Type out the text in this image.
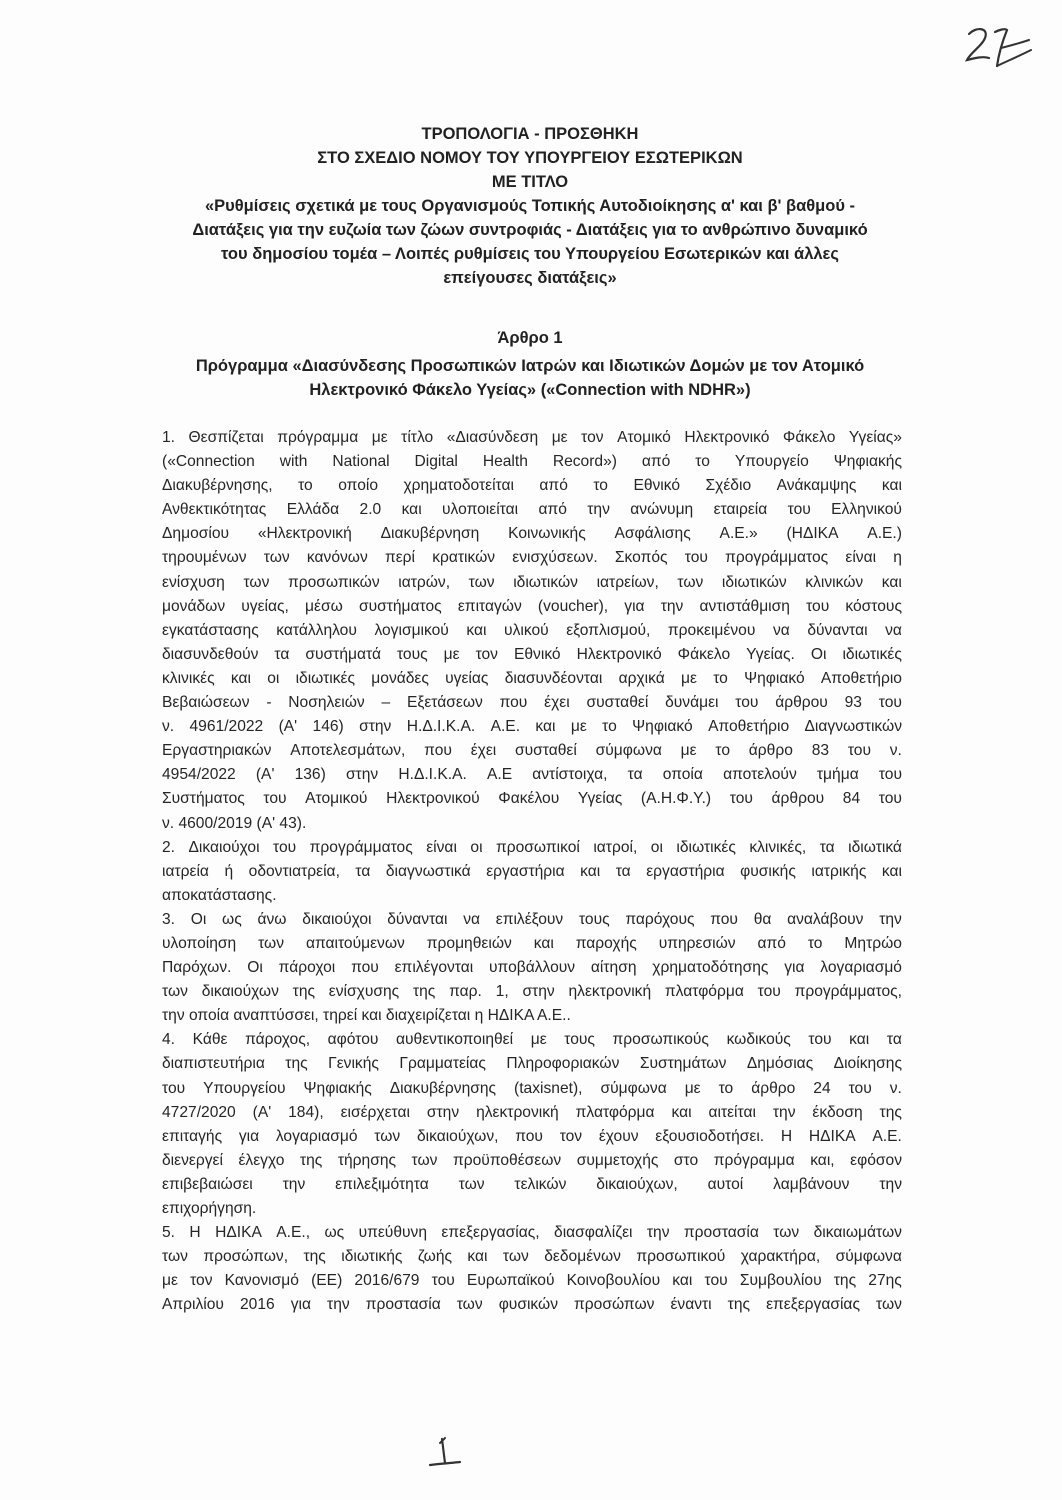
ΤΡΟΠΟΛΟΓΙΑ - ΠΡΟΣΘΗΚΗ
ΣΤΟ ΣΧΕΔΙΟ ΝΟΜΟΥ ΤΟΥ ΥΠΟΥΡΓΕΙΟΥ ΕΣΩΤΕΡΙΚΩΝ
ΜΕ ΤΙΤΛΟ
«Ρυθμίσεις σχετικά με τους Οργανισμούς Τοπικής Αυτοδιοίκησης α' και β' βαθμού -
Διατάξεις για την ευζωία των ζώων συντροφιάς - Διατάξεις για το ανθρώπινο δυναμικό
του δημοσίου τομέα – Λοιπές ρυθμίσεις του Υπουργείου Εσωτερικών και άλλες
επείγουσες διατάξεις»
Άρθρο 1
Πρόγραμμα «Διασύνδεσης Προσωπικών Ιατρών και Ιδιωτικών Δομών με τον Ατομικό
Ηλεκτρονικό Φάκελο Υγείας» («Connection with NDHR»)
1. Θεσπίζεται πρόγραμμα με τίτλο «Διασύνδεση με τον Ατομικό Ηλεκτρονικό Φάκελο Υγείας»
(«Connection with National Digital Health Record») από το Υπουργείο Ψηφιακής
Διακυβέρνησης, το οποίο χρηματοδοτείται από το Εθνικό Σχέδιο Ανάκαμψης και
Ανθεκτικότητας Ελλάδα 2.0 και υλοποιείται από την ανώνυμη εταιρεία του Ελληνικού
Δημοσίου «Ηλεκτρονική Διακυβέρνηση Κοινωνικής Ασφάλισης Α.Ε.» (ΗΔΙΚΑ Α.Ε.)
τηρουμένων των κανόνων περί κρατικών ενισχύσεων. Σκοπός του προγράμματος είναι η
ενίσχυση των προσωπικών ιατρών, των ιδιωτικών ιατρείων, των ιδιωτικών κλινικών και
μονάδων υγείας, μέσω συστήματος επιταγών (voucher), για την αντιστάθμιση του κόστους
εγκατάστασης κατάλληλου λογισμικού και υλικού εξοπλισμού, προκειμένου να δύνανται να
διασυνδεθούν τα συστήματά τους με τον Εθνικό Ηλεκτρονικό Φάκελο Υγείας. Οι ιδιωτικές
κλινικές και οι ιδιωτικές μονάδες υγείας διασυνδέονται αρχικά με το Ψηφιακό Αποθετήριο
Βεβαιώσεων - Νοσηλειών – Εξετάσεων που έχει συσταθεί δυνάμει του άρθρου 93 του
ν. 4961/2022 (Α' 146) στην Η.Δ.Ι.Κ.Α. Α.Ε. και με το Ψηφιακό Αποθετήριο Διαγνωστικών
Εργαστηριακών Αποτελεσμάτων, που έχει συσταθεί σύμφωνα με το άρθρο 83 του ν.
4954/2022 (Α' 136) στην Η.Δ.Ι.Κ.Α. Α.Ε αντίστοιχα, τα οποία αποτελούν τμήμα του
Συστήματος του Ατομικού Ηλεκτρονικού Φακέλου Υγείας (Α.Η.Φ.Υ.) του άρθρου 84 του
ν. 4600/2019 (Α' 43).
2. Δικαιούχοι του προγράμματος είναι οι προσωπικοί ιατροί, οι ιδιωτικές κλινικές, τα ιδιωτικά
ιατρεία ή οδοντιατρεία, τα διαγνωστικά εργαστήρια και τα εργαστήρια φυσικής ιατρικής και
αποκατάστασης.
3. Οι ως άνω δικαιούχοι δύνανται να επιλέξουν τους παρόχους που θα αναλάβουν την
υλοποίηση των απαιτούμενων προμηθειών και παροχής υπηρεσιών από το Μητρώο
Παρόχων. Οι πάροχοι που επιλέγονται υποβάλλουν αίτηση χρηματοδότησης για λογαριασμό
των δικαιούχων της ενίσχυσης της παρ. 1, στην ηλεκτρονική πλατφόρμα του προγράμματος,
την οποία αναπτύσσει, τηρεί και διαχειρίζεται η ΗΔΙΚΑ Α.Ε..
4. Κάθε πάροχος, αφότου αυθεντικοποιηθεί με τους προσωπικούς κωδικούς του και τα
διαπιστευτήρια της Γενικής Γραμματείας Πληροφοριακών Συστημάτων Δημόσιας Διοίκησης
του Υπουργείου Ψηφιακής Διακυβέρνησης (taxisnet), σύμφωνα με το άρθρο 24 του ν.
4727/2020 (Α' 184), εισέρχεται στην ηλεκτρονική πλατφόρμα και αιτείται την έκδοση της
επιταγής για λογαριασμό των δικαιούχων, που τον έχουν εξουσιοδοτήσει. Η ΗΔΙΚΑ Α.Ε.
διενεργεί έλεγχο της τήρησης των προϋποθέσεων συμμετοχής στο πρόγραμμα και, εφόσον
επιβεβαιώσει την επιλεξιμότητα των τελικών δικαιούχων, αυτοί λαμβάνουν την
επιχορήγηση.
5. Η ΗΔΙΚΑ Α.Ε., ως υπεύθυνη επεξεργασίας, διασφαλίζει την προστασία των δικαιωμάτων
των προσώπων, της ιδιωτικής ζωής και των δεδομένων προσωπικού χαρακτήρα, σύμφωνα
με τον Κανονισμό (ΕΕ) 2016/679 του Ευρωπαϊκού Κοινοβουλίου και του Συμβουλίου της 27ης
Απριλίου 2016 για την προστασία των φυσικών προσώπων έναντι της επεξεργασίας των
